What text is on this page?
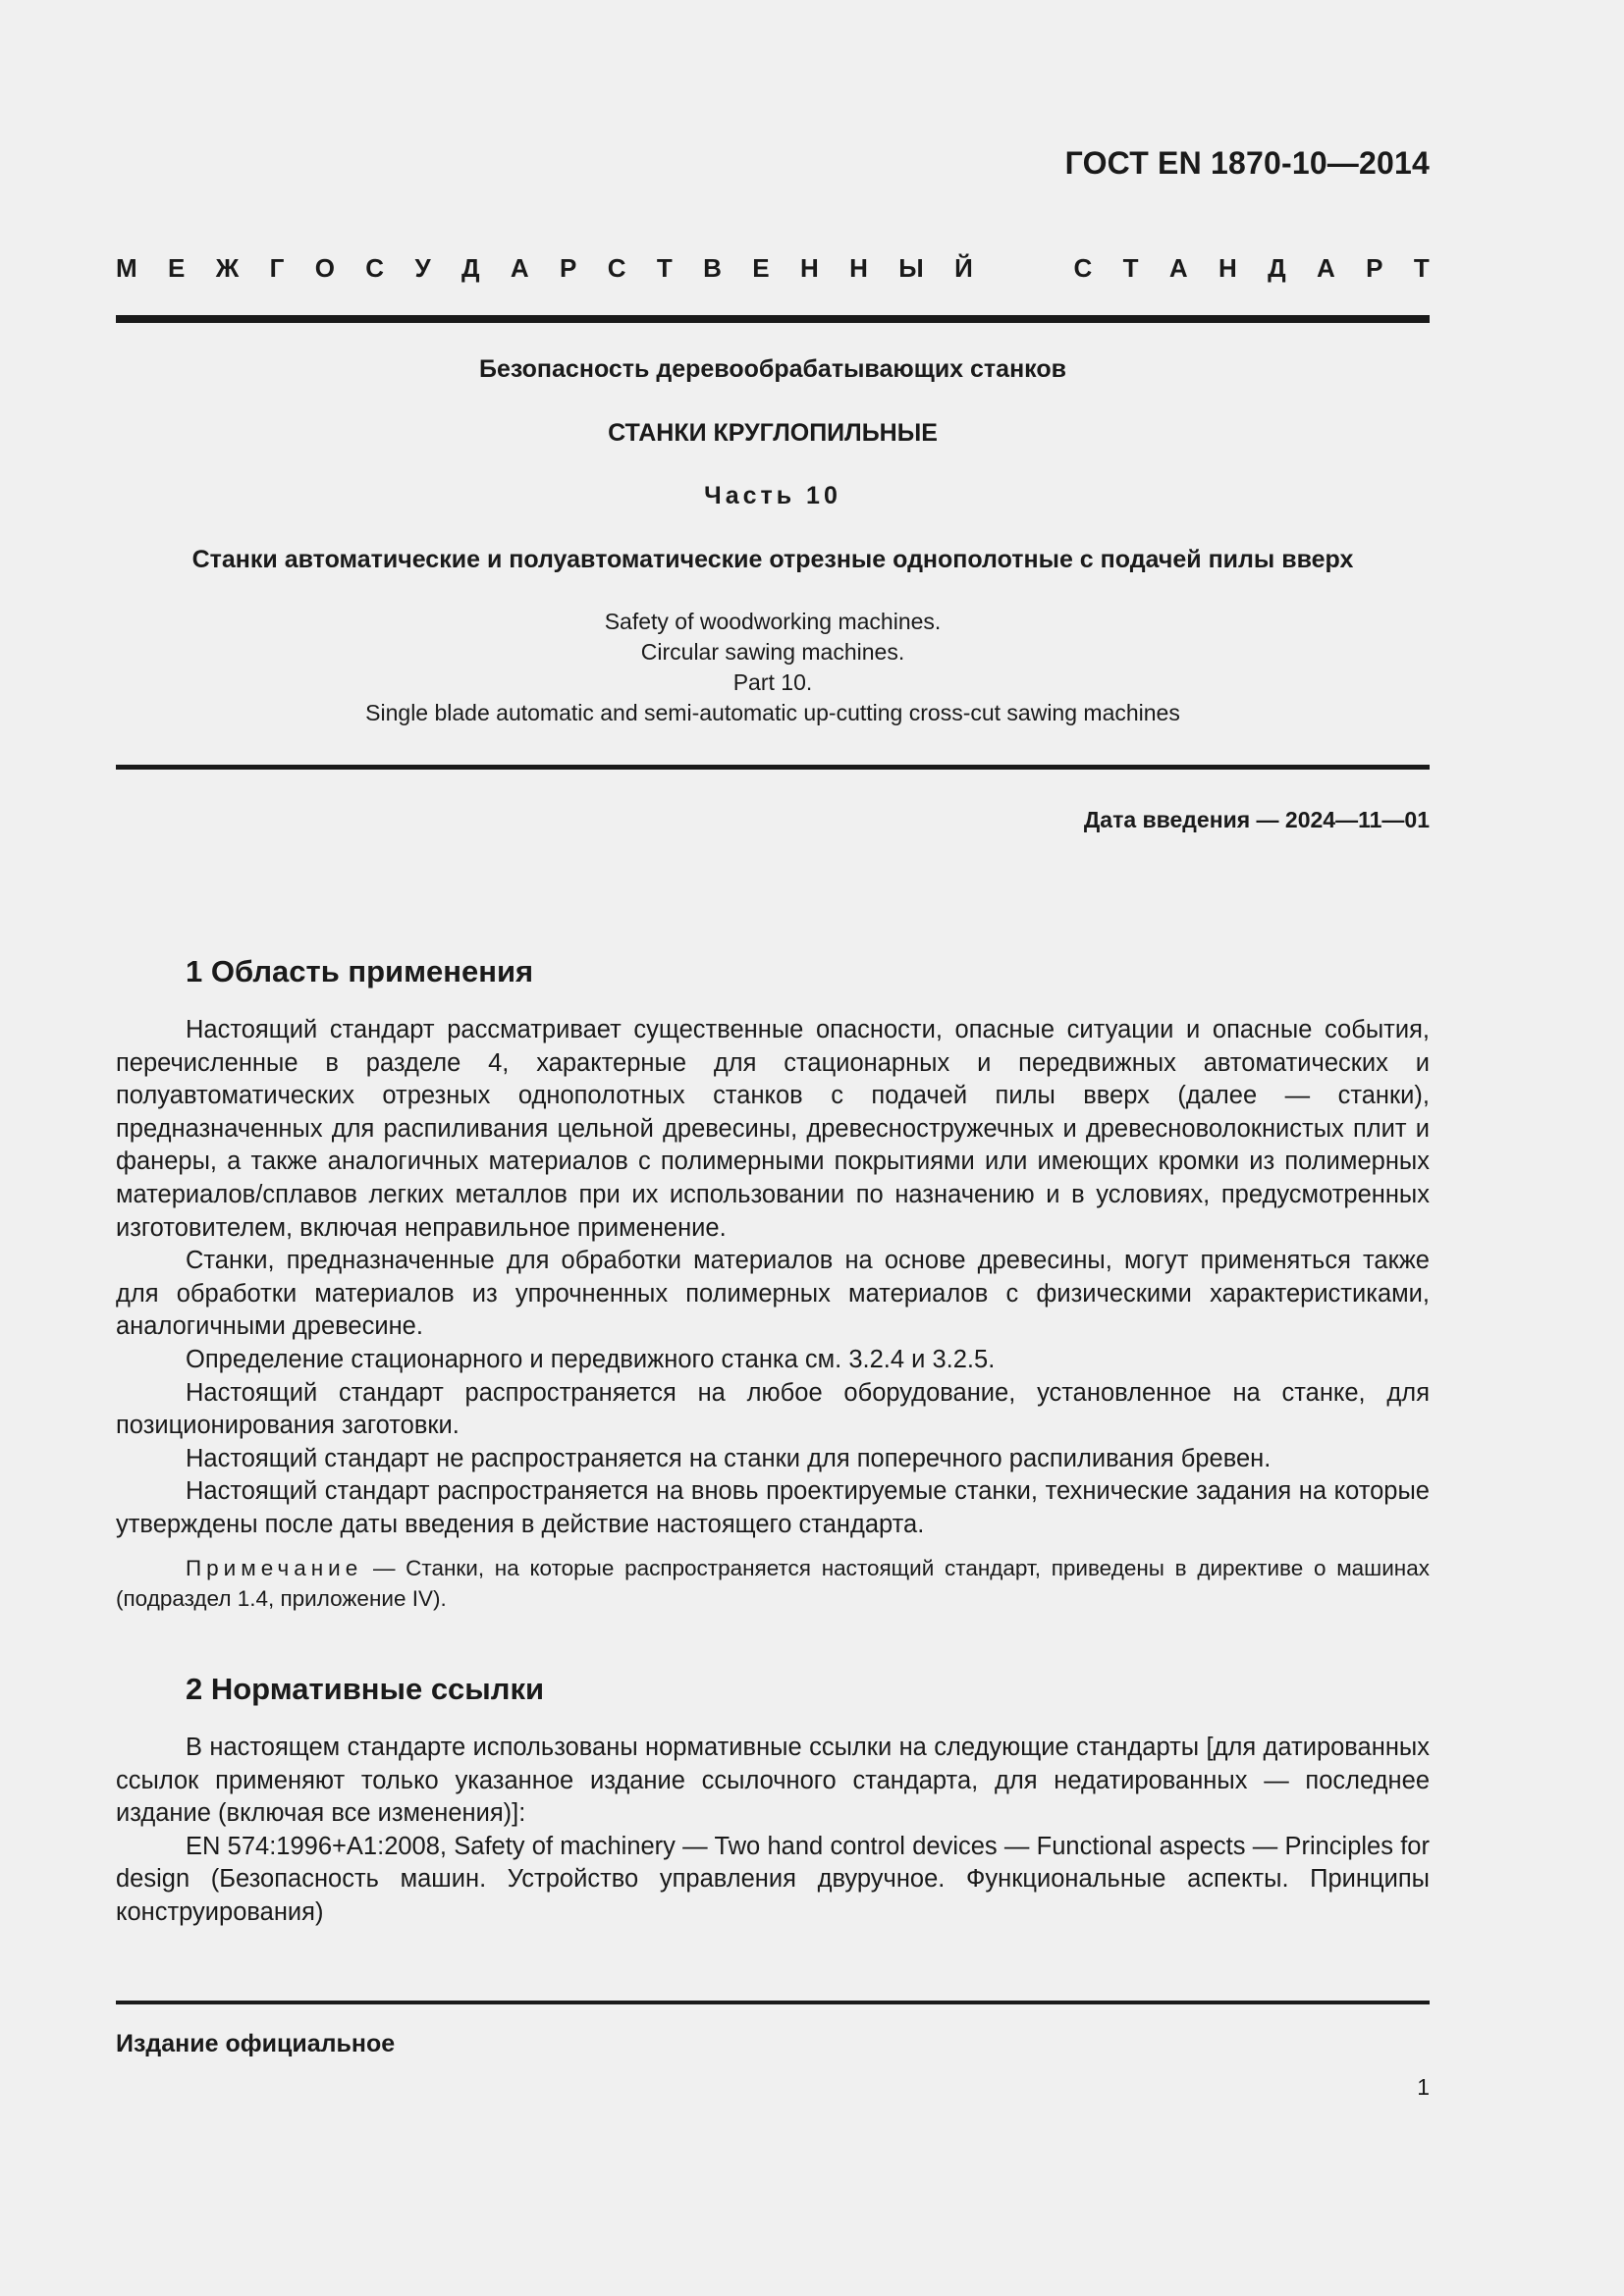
ГОСТ EN 1870-10—2014
М Е Ж Г О С У Д А Р С Т В Е Н Н Ы Й	С Т А Н Д А Р Т
Безопасность деревообрабатывающих станков
СТАНКИ КРУГЛОПИЛЬНЫЕ
Часть 10
Станки автоматические и полуавтоматические отрезные однополотные с подачей пилы вверх
Safety of woodworking machines.
Circular sawing machines.
Part 10.
Single blade automatic and semi-automatic up-cutting cross-cut sawing machines
Дата введения — 2024—11—01
1 Область применения

Настоящий стандарт рассматривает существенные опасности, опасные ситуации и опасные события, перечисленные в разделе 4, характерные для стационарных и передвижных автоматических и полуавтоматических отрезных однополотных станков с подачей пилы вверх (далее — станки), предназначенных для распиливания цельной древесины, древесностружечных и древесноволокнистых плит и фанеры, а также аналогичных материалов с полимерными покрытиями или имеющих кромки из полимерных материалов/сплавов легких металлов при их использовании по назначению и в условиях, предусмотренных изготовителем, включая неправильное применение.

Станки, предназначенные для обработки материалов на основе древесины, могут применяться также для обработки материалов из упрочненных полимерных материалов с физическими характеристиками, аналогичными древесине.

Определение стационарного и передвижного станка см. 3.2.4 и 3.2.5.

Настоящий стандарт распространяется на любое оборудование, установленное на станке, для позиционирования заготовки.

Настоящий стандарт не распространяется на станки для поперечного распиливания бревен.

Настоящий стандарт распространяется на вновь проектируемые станки, технические задания на которые утверждены после даты введения в действие настоящего стандарта.

Примечание — Станки, на которые распространяется настоящий стандарт, приведены в директиве о машинах (подраздел 1.4, приложение IV).
2 Нормативные ссылки

В настоящем стандарте использованы нормативные ссылки на следующие стандарты [для датированных ссылок применяют только указанное издание ссылочного стандарта, для недатированных — последнее издание (включая все изменения)]:

EN 574:1996+A1:2008, Safety of machinery — Two hand control devices — Functional aspects — Principles for design (Безопасность машин. Устройство управления двуручное. Функциональные аспекты. Принципы конструирования)

Издание официальное
1
